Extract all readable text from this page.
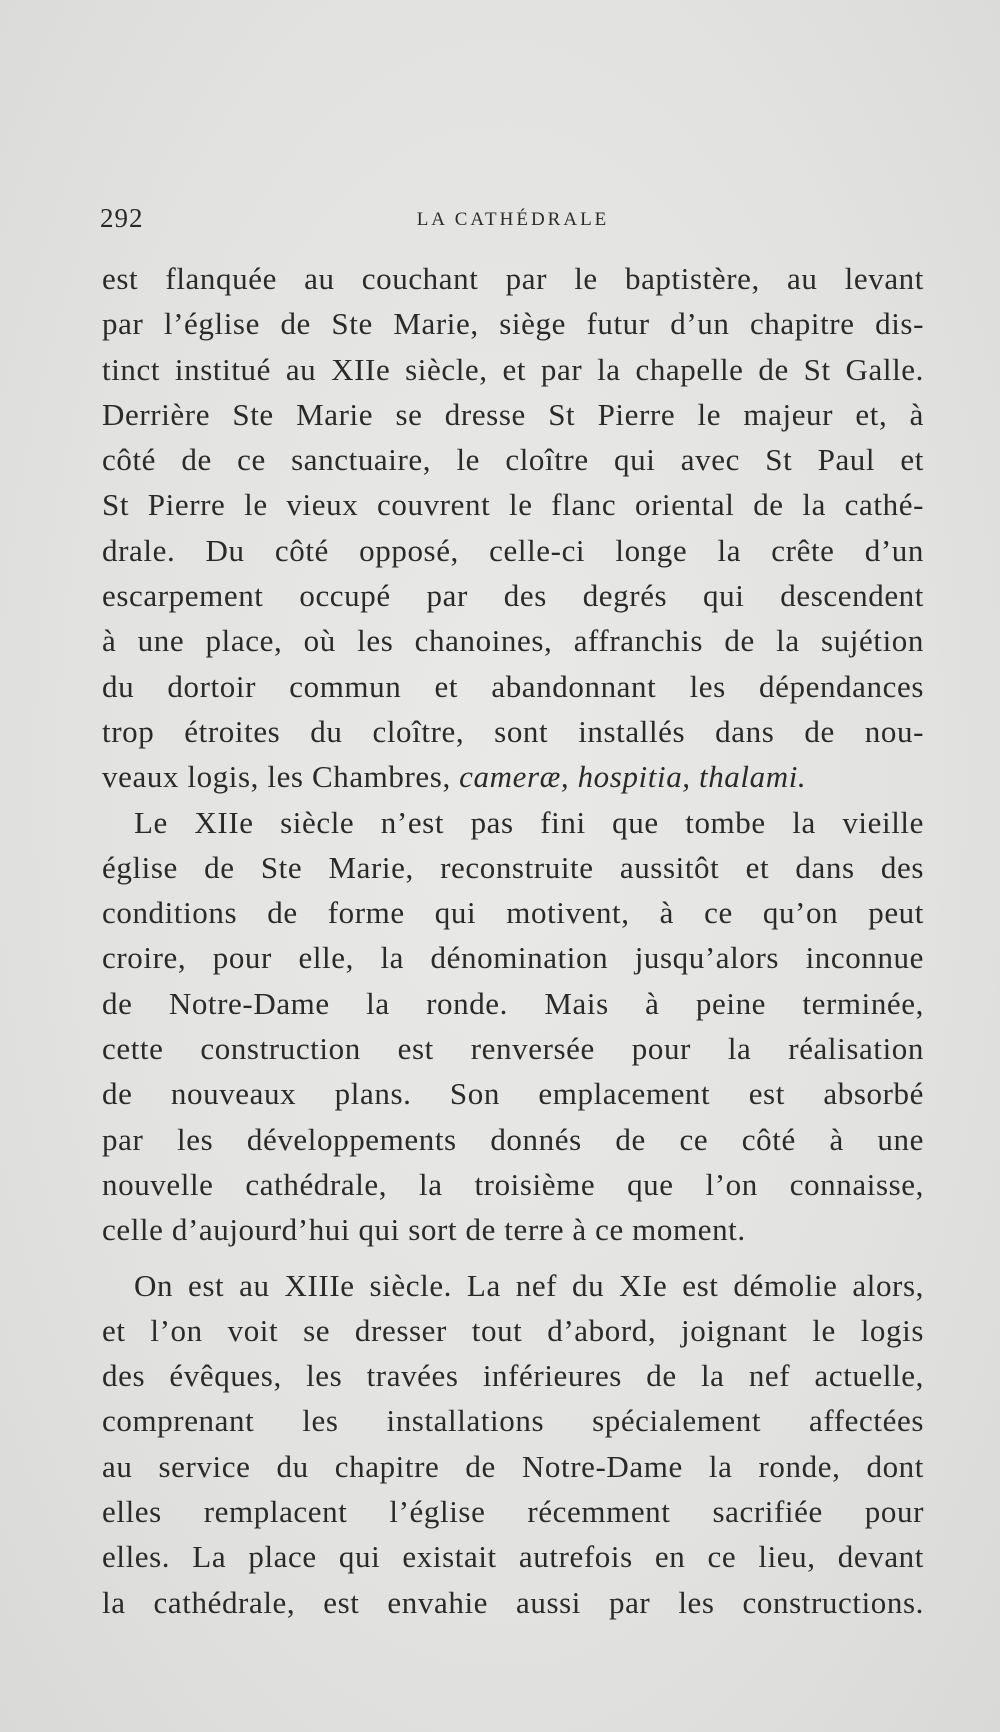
292	LA CATHÉDRALE
est flanquée au couchant par le baptistère, au levant
par l’église de Ste Marie, siège futur d’un chapitre dis-
tinct institué au XIIe siècle, et par la chapelle de St Galle.
Derrière Ste Marie se dresse St Pierre le majeur et, à
côté de ce sanctuaire, le cloître qui avec St Paul et
St Pierre le vieux couvrent le flanc oriental de la cathé-
drale. Du côté opposé, celle-ci longe la crête d’un
escarpement occupé par des degrés qui descendent
à une place, où les chanoines, affranchis de la sujétion
du dortoir commun et abandonnant les dépendances
trop étroites du cloître, sont installés dans de nou-
veaux logis, les Chambres, cameræ, hospitia, thalami.
Le XIIe siècle n’est pas fini que tombe la vieille
église de Ste Marie, reconstruite aussitôt et dans des
conditions de forme qui motivent, à ce qu’on peut
croire, pour elle, la dénomination jusqu’alors inconnue
de Notre-Dame la ronde. Mais à peine terminée,
cette construction est renversée pour la réalisation
de nouveaux plans. Son emplacement est absorbé
par les développements donnés de ce côté à une
nouvelle cathédrale, la troisième que l’on connaisse,
celle d’aujourd’hui qui sort de terre à ce moment.
On est au XIIIe siècle. La nef du XIe est démolie alors,
et l’on voit se dresser tout d’abord, joignant le logis
des évêques, les travées inférieures de la nef actuelle,
comprenant les installations spécialement affectées
au service du chapitre de Notre-Dame la ronde, dont
elles remplacent l’église récemment sacrifiée pour
elles. La place qui existait autrefois en ce lieu, devant
la cathédrale, est envahie aussi par les constructions.
